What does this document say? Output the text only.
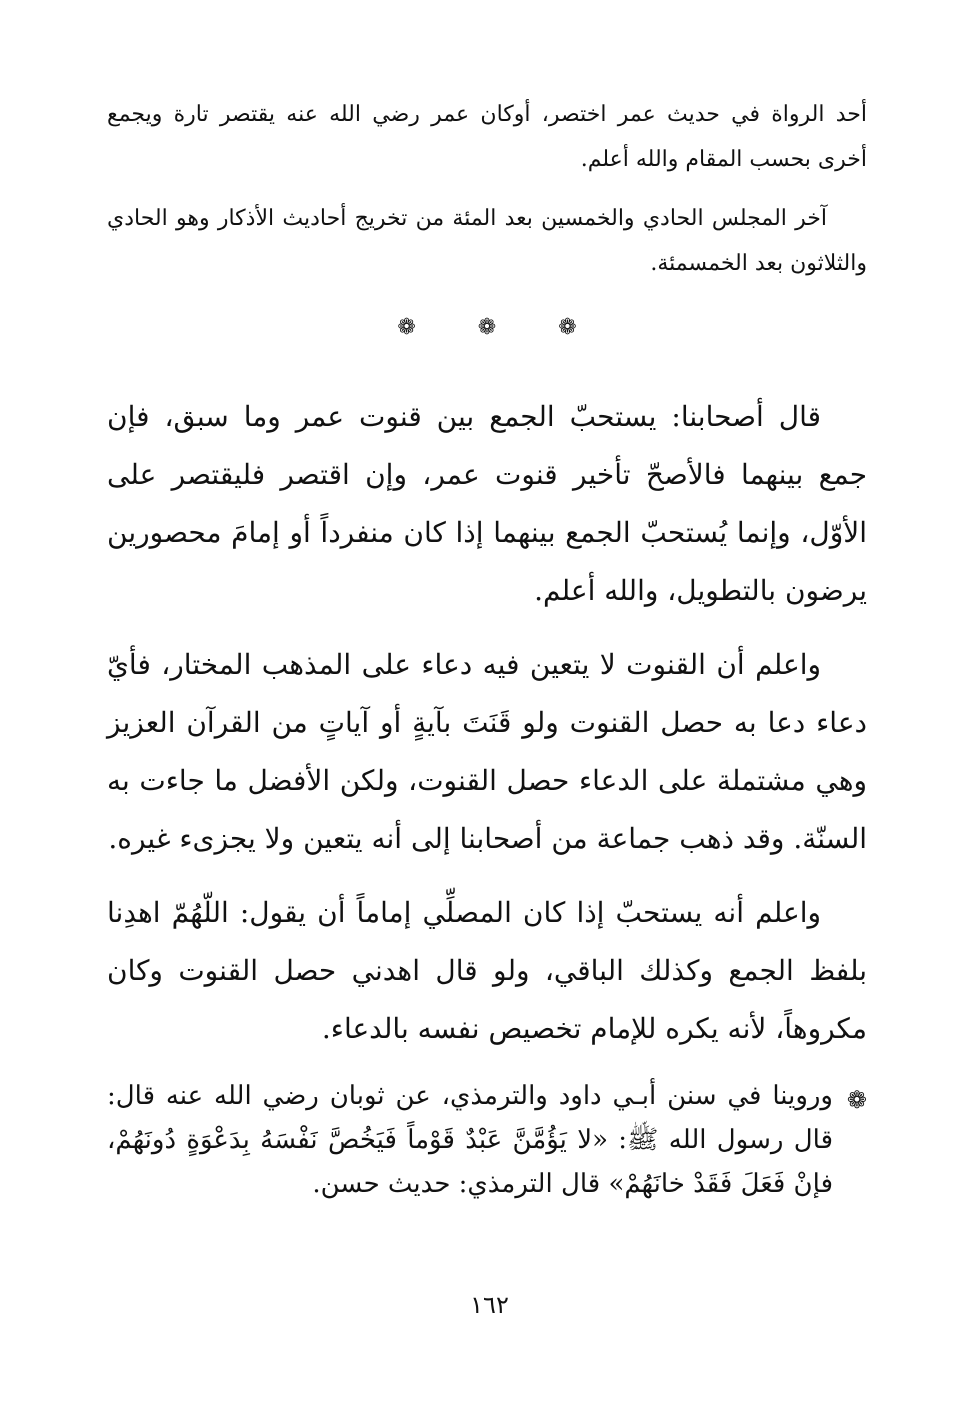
أحد الرواة في حديث عمر اختصر، أوكان عمر رضي الله عنه يقتصر تارة ويجمع أخرى بحسب المقام والله أعلم.

آخر المجلس الحادي والخمسين بعد المئة من تخريج أحاديث الأذكار وهو الحادي والثلاثون بعد الخمسمئة.

❁
❁
❁

قال أصحابنا: يستحبّ الجمع بين قنوت عمر وما سبق، فإن جمع بينهما فالأصحّ تأخير قنوت عمر، وإن اقتصر فليقتصر على الأوّل، وإنما يُستحبّ الجمع بينهما إذا كان منفرداً أو إمامَ محصورين يرضون بالتطويل، والله أعلم.

واعلم أن القنوت لا يتعين فيه دعاء على المذهب المختار، فأيّ دعاء دعا به حصل القنوت ولو قَنَتَ بآيةٍ أو آياتٍ من القرآن العزيز وهي مشتملة على الدعاء حصل القنوت، ولكن الأفضل ما جاءت به السنّة. وقد ذهب جماعة من أصحابنا إلى أنه يتعين ولا يجزىء غيره.

واعلم أنه يستحبّ إذا كان المصلِّي إماماً أن يقول: اللّهُمّ اهدِنا بلفظ الجمع وكذلك الباقي، ولو قال اهدني حصل القنوت وكان مكروهاً، لأنه يكره للإمام تخصيص نفسه بالدعاء.

❁

وروينا في سنن أبـي داود والترمذي، عن ثوبان رضي الله عنه قال: قال رسول الله ﷺ: «لا يَؤُمَّنَّ عَبْدٌ قَوْماً فَيَخُصَّ نَفْسَهُ بِدَعْوَةٍ دُونَهُمْ، فإنْ فَعَلَ فَقَدْ خانَهُمْ» قال الترمذي: حديث حسن.

١٦٢
